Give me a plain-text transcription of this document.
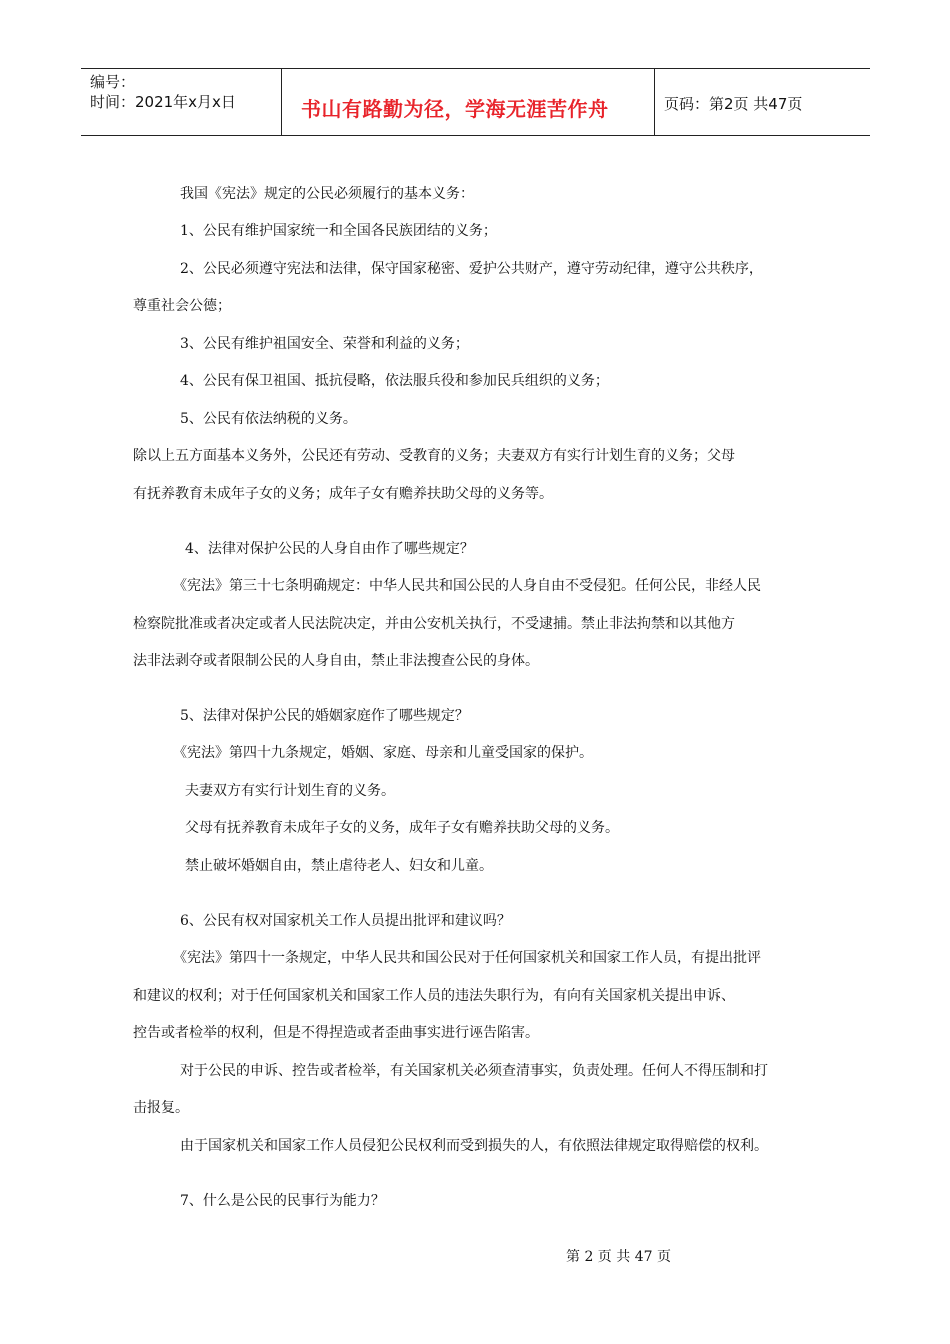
编号：
时间：2021年x月x日	书山有路勤为径，学海无涯苦作舟	页码：第2页 共47页
我国《宪法》规定的公民必须履行的基本义务：
1、公民有维护国家统一和全国各民族团结的义务；
2、公民必须遵守宪法和法律，保守国家秘密、爱护公共财产，遵守劳动纪律，遵守公共秩序，
尊重社会公德；
3、公民有维护祖国安全、荣誉和利益的义务；
4、公民有保卫祖国、抵抗侵略，依法服兵役和参加民兵组织的义务；
5、公民有依法纳税的义务。
除以上五方面基本义务外，公民还有劳动、受教育的义务；夫妻双方有实行计划生育的义务；父母
有抚养教育未成年子女的义务；成年子女有赡养扶助父母的义务等。
4、法律对保护公民的人身自由作了哪些规定？
《宪法》第三十七条明确规定：中华人民共和国公民的人身自由不受侵犯。任何公民，非经人民
检察院批准或者决定或者人民法院决定，并由公安机关执行，不受逮捕。禁止非法拘禁和以其他方
法非法剥夺或者限制公民的人身自由，禁止非法搜查公民的身体。
5、法律对保护公民的婚姻家庭作了哪些规定？
《宪法》第四十九条规定，婚姻、家庭、母亲和儿童受国家的保护。
夫妻双方有实行计划生育的义务。
父母有抚养教育未成年子女的义务，成年子女有赡养扶助父母的义务。
禁止破坏婚姻自由，禁止虐待老人、妇女和儿童。
6、公民有权对国家机关工作人员提出批评和建议吗？
《宪法》第四十一条规定，中华人民共和国公民对于任何国家机关和国家工作人员，有提出批评
和建议的权利；对于任何国家机关和国家工作人员的违法失职行为，有向有关国家机关提出申诉、
控告或者检举的权利，但是不得捏造或者歪曲事实进行诬告陷害。
对于公民的申诉、控告或者检举，有关国家机关必须查清事实，负责处理。任何人不得压制和打
击报复。
由于国家机关和国家工作人员侵犯公民权利而受到损失的人，有依照法律规定取得赔偿的权利。
7、什么是公民的民事行为能力？
第 2 页 共 47 页
